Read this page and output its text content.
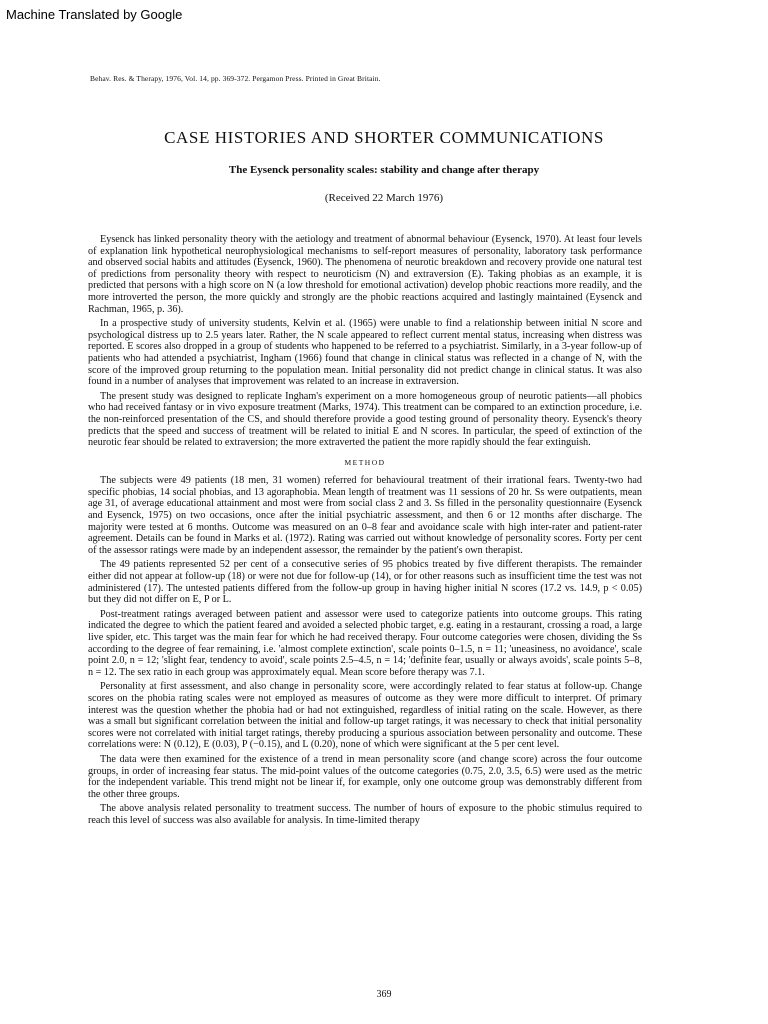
Machine Translated by Google
Behav. Res. & Therapy, 1976, Vol. 14, pp. 369-372. Pergamon Press. Printed in Great Britain.
CASE HISTORIES AND SHORTER COMMUNICATIONS
The Eysenck personality scales: stability and change after therapy
(Received 22 March 1976)

Eysenck has linked personality theory with the aetiology and treatment of abnormal behaviour (Eysenck, 1970). At least four levels of explanation link hypothetical neurophysiological mechanisms to self-report measures of personality, laboratory task performance and observed social habits and attitudes (Eysenck, 1960). The phenomena of neurotic breakdown and recovery provide one natural test of predictions from personality theory with respect to neuroticism (N) and extraversion (E). Taking phobias as an example, it is predicted that persons with a high score on N (a low threshold for emotional activation) develop phobic reactions more readily, and the more introverted the person, the more quickly and strongly are the phobic reactions acquired and lastingly maintained (Eysenck and Rachman, 1965, p. 36).

In a prospective study of university students, Kelvin et al. (1965) were unable to find a relationship between initial N score and psychological distress up to 2.5 years later. Rather, the N scale appeared to reflect current mental status, increasing when distress was reported. E scores also dropped in a group of students who happened to be referred to a psychiatrist. Similarly, in a 3-year follow-up of patients who had attended a psychiatrist, Ingham (1966) found that change in clinical status was reflected in a change of N, with the score of the improved group returning to the population mean. Initial personality did not predict change in clinical status. It was also found in a number of analyses that improvement was related to an increase in extraversion.

The present study was designed to replicate Ingham's experiment on a more homogeneous group of neurotic patients—all phobics who had received fantasy or in vivo exposure treatment (Marks, 1974). This treatment can be compared to an extinction procedure, i.e. the non-reinforced presentation of the CS, and should therefore provide a good testing ground of personality theory. Eysenck's theory predicts that the speed and success of treatment will be related to initial E and N scores. In particular, the speed of extinction of the neurotic fear should be related to extraversion; the more extraverted the patient the more rapidly should the fear extinguish.

METHOD

The subjects were 49 patients (18 men, 31 women) referred for behavioural treatment of their irrational fears. Twenty-two had specific phobias, 14 social phobias, and 13 agoraphobia. Mean length of treatment was 11 sessions of 20 hr. Ss were outpatients, mean age 31, of average educational attainment and most were from social class 2 and 3. Ss filled in the personality questionnaire (Eysenck and Eysenck, 1975) on two occasions, once after the initial psychiatric assessment, and then 6 or 12 months after discharge. The majority were tested at 6 months. Outcome was measured on an 0–8 fear and avoidance scale with high inter-rater and patient-rater agreement. Details can be found in Marks et al. (1972). Rating was carried out without knowledge of personality scores. Forty per cent of the assessor ratings were made by an independent assessor, the remainder by the patient's own therapist.

The 49 patients represented 52 per cent of a consecutive series of 95 phobics treated by five different therapists. The remainder either did not appear at follow-up (18) or were not due for follow-up (14), or for other reasons such as insufficient time the test was not administered (17). The untested patients differed from the follow-up group in having higher initial N scores (17.2 vs. 14.9, p < 0.05) but they did not differ on E, P or L.

Post-treatment ratings averaged between patient and assessor were used to categorize patients into outcome groups. This rating indicated the degree to which the patient feared and avoided a selected phobic target, e.g. eating in a restaurant, crossing a road, a large live spider, etc. This target was the main fear for which he had received therapy. Four outcome categories were chosen, dividing the Ss according to the degree of fear remaining, i.e. 'almost complete extinction', scale points 0–1.5, n = 11; 'uneasiness, no avoidance', scale point 2.0, n = 12; 'slight fear, tendency to avoid', scale points 2.5–4.5, n = 14; 'definite fear, usually or always avoids', scale points 5–8, n = 12. The sex ratio in each group was approximately equal. Mean score before therapy was 7.1.

Personality at first assessment, and also change in personality score, were accordingly related to fear status at follow-up. Change scores on the phobia rating scales were not employed as measures of outcome as they were more difficult to interpret. Of primary interest was the question whether the phobia had or had not extinguished, regardless of initial rating on the scale. However, as there was a small but significant correlation between the initial and follow-up target ratings, it was necessary to check that initial personality scores were not correlated with initial target ratings, thereby producing a spurious association between personality and outcome. These correlations were: N (0.12), E (0.03), P (−0.15), and L (0.20), none of which were significant at the 5 per cent level.

The data were then examined for the existence of a trend in mean personality score (and change score) across the four outcome groups, in order of increasing fear status. The mid-point values of the outcome categories (0.75, 2.0, 3.5, 6.5) were used as the metric for the independent variable. This trend might not be linear if, for example, only one outcome group was demonstrably different from the other three groups.

The above analysis related personality to treatment success. The number of hours of exposure to the phobic stimulus required to reach this level of success was also available for analysis. In time-limited therapy

369
